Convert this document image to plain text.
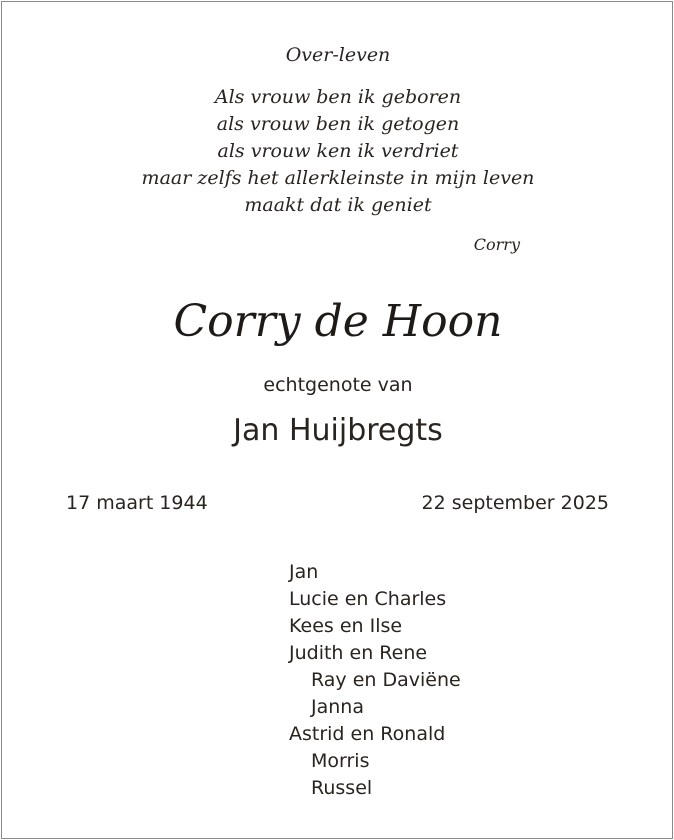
Over-leven
Als vrouw ben ik geboren
als vrouw ben ik getogen
als vrouw ken ik verdriet
maar zelfs het allerkleinste in mijn leven
maakt dat ik geniet
Corry
Corry de Hoon
echtgenote van
Jan Huijbregts
17 maart 1944	22 september 2025
Jan
Lucie en Charles
Kees en Ilse
Judith en Rene
Ray en Daviëne
Janna
Astrid en Ronald
Morris
Russel
